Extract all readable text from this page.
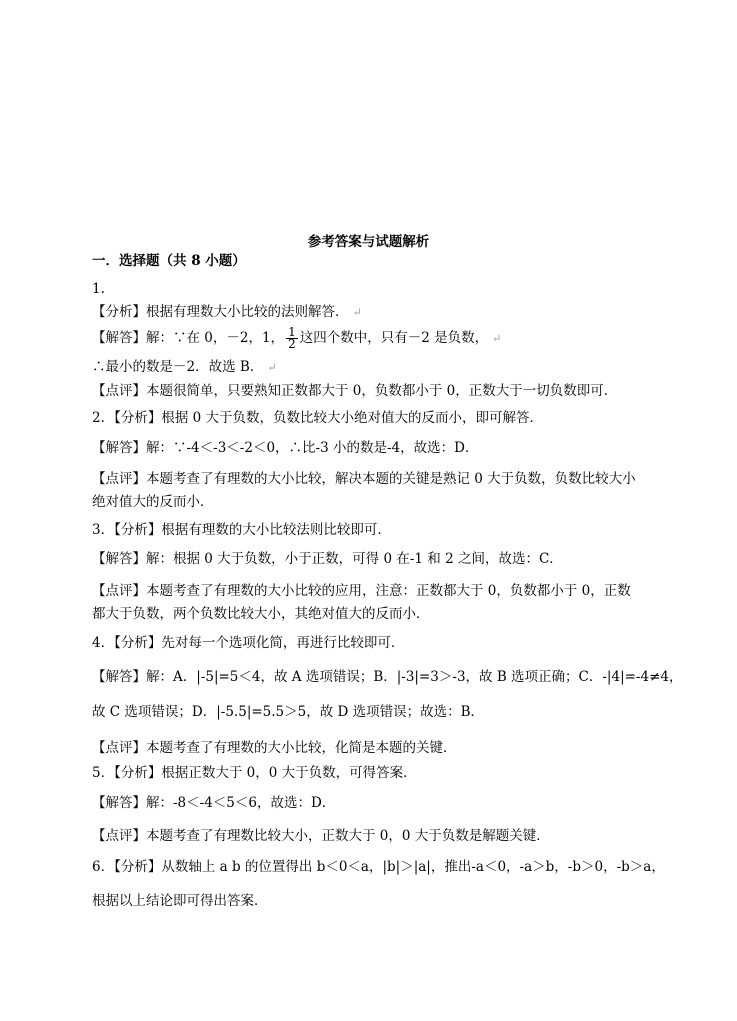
参考答案与试题解析
一．选择题（共 8 小题）
1.
【分析】根据有理数大小比较的法则解答． ↵
【解答】解：∵在 0，－2，1， $\frac{1}{2}$ 这四个数中，只有－2 是负数， ↵
∴最小的数是－2．故选 B． ↵
【点评】本题很简单，只要熟知正数都大于 0，负数都小于 0，正数大于一切负数即可．
2．【分析】根据 0 大于负数，负数比较大小绝对值大的反而小，即可解答．
【解答】解：∵-4＜-3＜-2＜0，∴比-3 小的数是-4，故选：D．
【点评】本题考查了有理数的大小比较，解决本题的关键是熟记 0 大于负数，负数比较大小
绝对值大的反而小．
3．【分析】根据有理数的大小比较法则比较即可．
【解答】解：根据 0 大于负数，小于正数，可得 0 在-1 和 2 之间，故选：C．
【点评】本题考查了有理数的大小比较的应用，注意：正数都大于 0，负数都小于 0，正数
都大于负数，两个负数比较大小，其绝对值大的反而小．
4．【分析】先对每一个选项化简，再进行比较即可．
【解答】解：A．|-5|=5＜4，故 A 选项错误；B．|-3|=3＞-3，故 B 选项正确；C．-|4|=-4≠4，
故 C 选项错误；D．|-5.5|=5.5＞5，故 D 选项错误；故选：B．
【点评】本题考查了有理数的大小比较，化简是本题的关键．
5．【分析】根据正数大于 0，0 大于负数，可得答案．
【解答】解：-8＜-4＜5＜6，故选：D．
【点评】本题考查了有理数比较大小，正数大于 0，0 大于负数是解题关键．
6．【分析】从数轴上 a b 的位置得出 b＜0＜a，|b|＞|a|，推出-a＜0，-a＞b，-b＞0，-b＞a，
根据以上结论即可得出答案．
